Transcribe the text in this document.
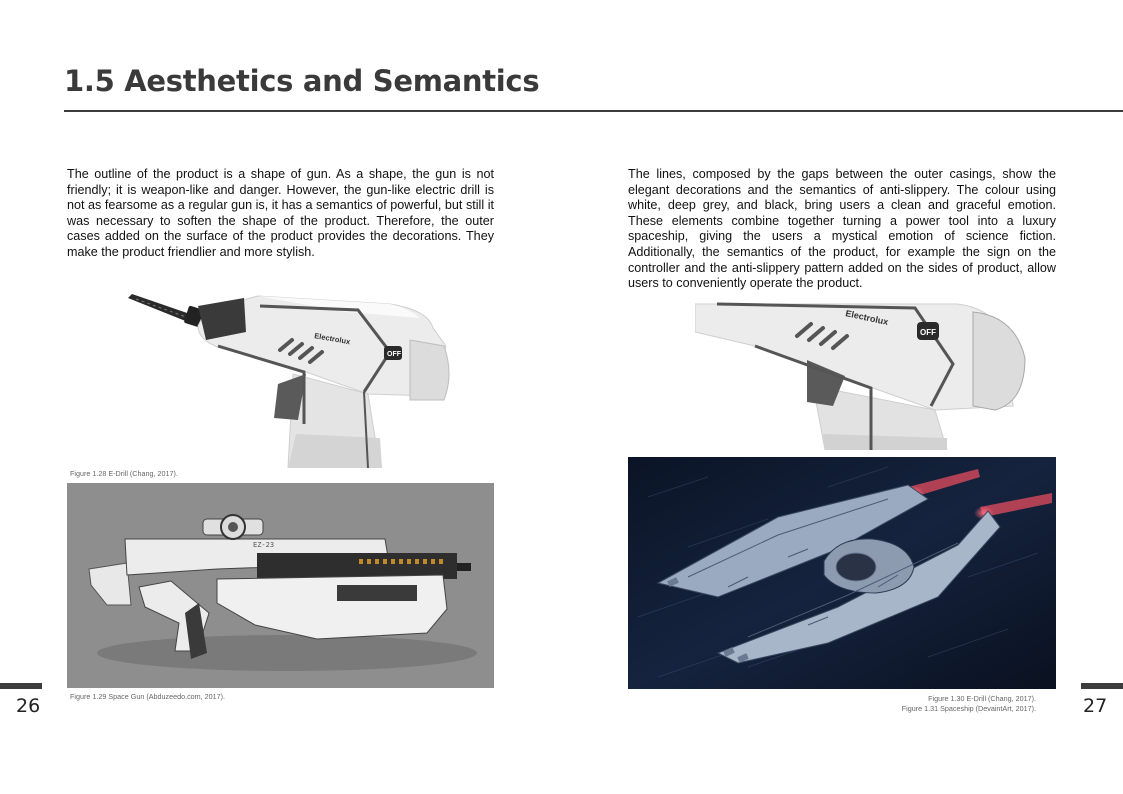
1.5 Aesthetics and Semantics
The outline of the product is a shape of gun. As a shape, the gun is not friendly; it is weapon-like and danger. However, the gun-like electric drill is not as fearsome as a regular gun is, it has a semantics of powerful, but still it was necessary to soften the shape of the product. Therefore, the outer cases added on the surface of the product provides the decorations. They make the product friendlier and more stylish.
The lines, composed by the gaps between the outer casings, show the elegant decorations and the semantics of anti-slippery. The colour using white, deep grey, and black, bring users a clean and graceful emotion. These elements combine together turning a power tool into a luxury spaceship, giving the users a mystical emotion of science fiction. Additionally, the semantics of the product, for example the sign on the controller and the anti-slippery pattern added on the sides of product, allow users to conveniently operate the product.
Electrolux
OFF
Figure 1.28 E-Drill (Chang, 2017).
EZ-23
Figure 1.29 Space Gun (Abduzeedo.com, 2017).
Electrolux
OFF
Figure 1.30 E-Drill (Chang, 2017).
Figure 1.31 Spaceship (DevaintArt, 2017).
26	27
